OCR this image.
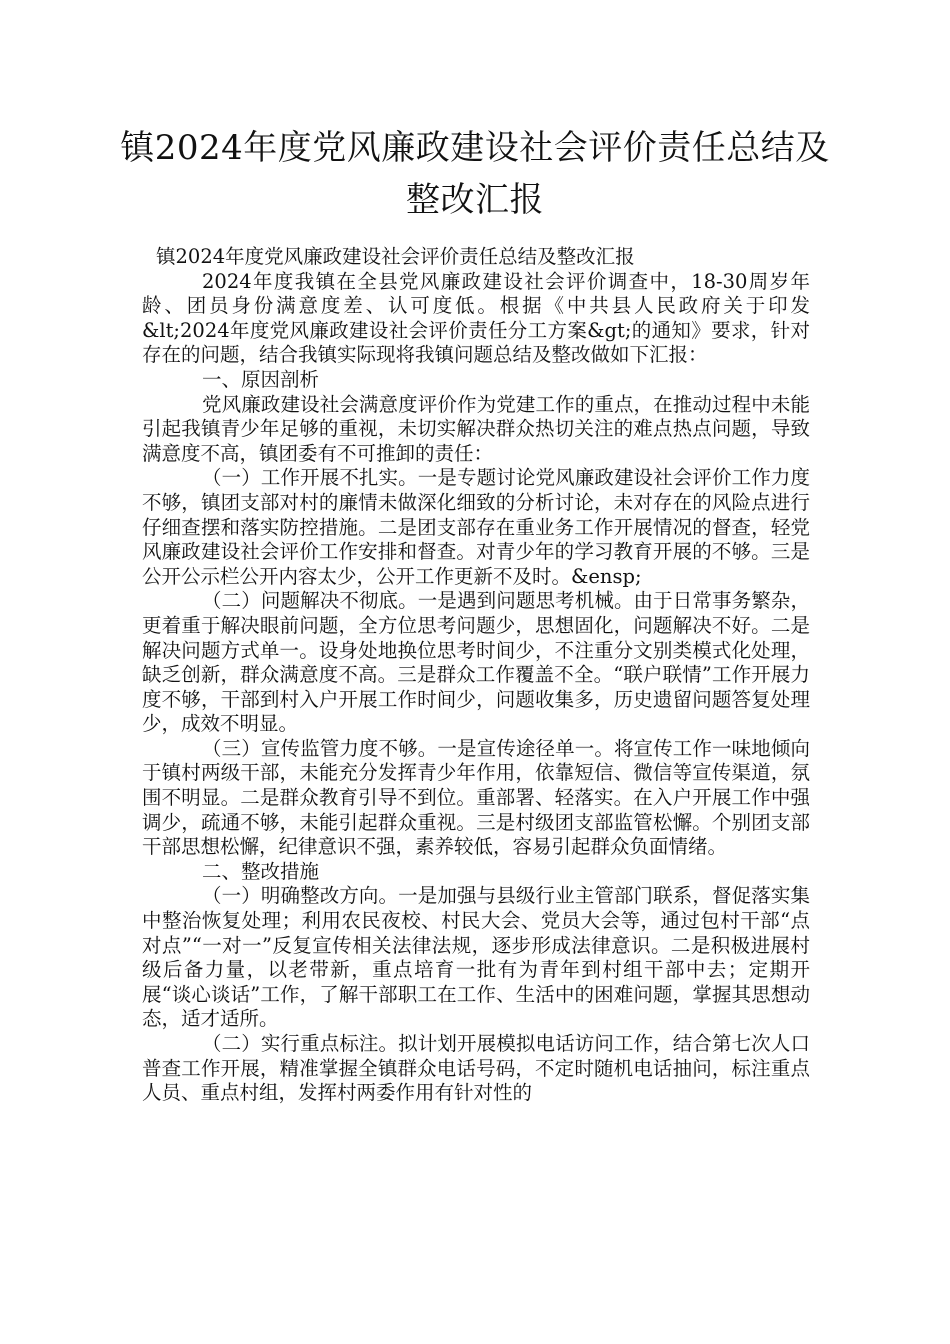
镇2024年度党风廉政建设社会评价责任总结及整改汇报

镇2024年度党风廉政建设社会评价责任总结及整改汇报

2024年度我镇在全县党风廉政建设社会评价调查中，18-30周岁年龄、团员身份满意度差、认可度低。根据《中共县人民政府关于印发&lt;2024年度党风廉政建设社会评价责任分工方案&gt;的通知》要求，针对存在的问题，结合我镇实际现将我镇问题总结及整改做如下汇报：

一、原因剖析

党风廉政建设社会满意度评价作为党建工作的重点，在推动过程中未能引起我镇青少年足够的重视，未切实解决群众热切关注的难点热点问题，导致满意度不高，镇团委有不可推卸的责任：

（一）工作开展不扎实。一是专题讨论党风廉政建设社会评价工作力度不够，镇团支部对村的廉情未做深化细致的分析讨论，未对存在的风险点进行仔细查摆和落实防控措施。二是团支部存在重业务工作开展情况的督查，轻党风廉政建设社会评价工作安排和督查。对青少年的学习教育开展的不够。三是公开公示栏公开内容太少，公开工作更新不及时。&ensp;

（二）问题解决不彻底。一是遇到问题思考机械。由于日常事务繁杂，更着重于解决眼前问题，全方位思考问题少，思想固化，问题解决不好。二是解决问题方式单一。设身处地换位思考时间少，不注重分文别类模式化处理，缺乏创新，群众满意度不高。三是群众工作覆盖不全。“联户联情”工作开展力度不够，干部到村入户开展工作时间少，问题收集多，历史遗留问题答复处理少，成效不明显。

（三）宣传监管力度不够。一是宣传途径单一。将宣传工作一味地倾向于镇村两级干部，未能充分发挥青少年作用，依靠短信、微信等宣传渠道，氛围不明显。二是群众教育引导不到位。重部署、轻落实。在入户开展工作中强调少，疏通不够，未能引起群众重视。三是村级团支部监管松懈。个别团支部干部思想松懈，纪律意识不强，素养较低，容易引起群众负面情绪。

二、整改措施

（一）明确整改方向。一是加强与县级行业主管部门联系，督促落实集中整治恢复处理；利用农民夜校、村民大会、党员大会等，通过包村干部“点对点”“一对一”反复宣传相关法律法规，逐步形成法律意识。二是积极进展村级后备力量，以老带新，重点培育一批有为青年到村组干部中去；定期开展“谈心谈话”工作，了解干部职工在工作、生活中的困难问题，掌握其思想动态，适才适所。

（二）实行重点标注。拟计划开展模拟电话访问工作，结合第七次人口普查工作开展，精准掌握全镇群众电话号码，不定时随机电话抽问，标注重点人员、重点村组，发挥村两委作用有针对性的
